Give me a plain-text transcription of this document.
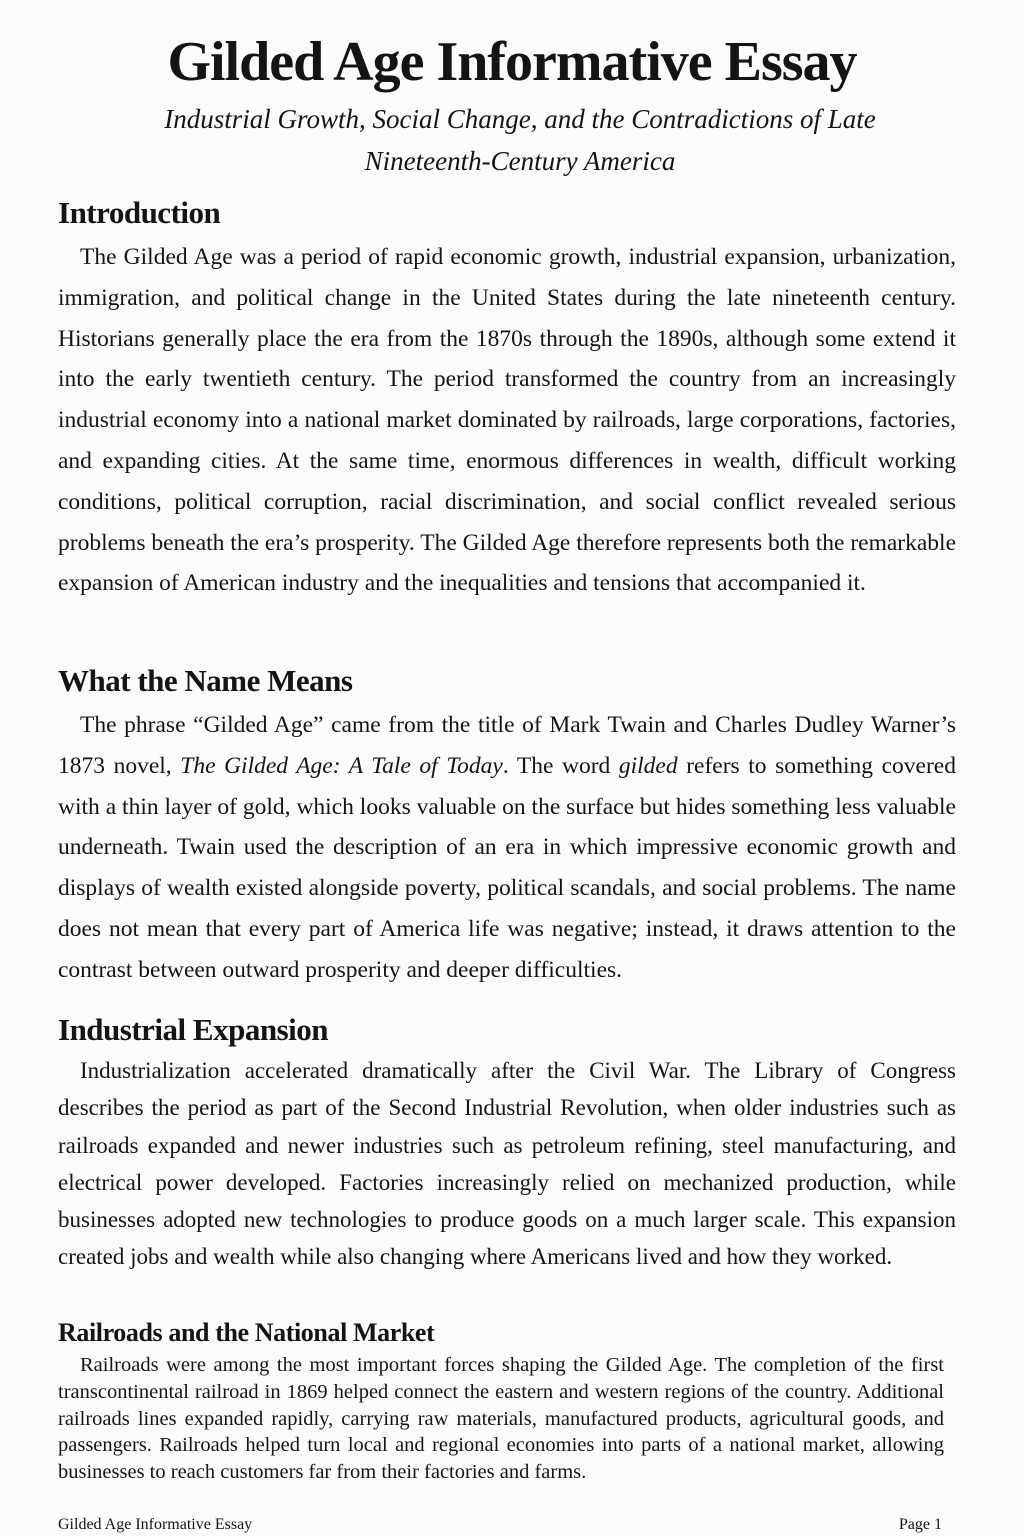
Gilded Age Informative Essay

Industrial Growth, Social Change, and the Contradictions of Late Nineteenth-Century America

Introduction

The Gilded Age was a period of rapid economic growth, industrial expansion, urbanization, immigration, and political change in the United States during the late nineteenth century. Historians generally place the era from the 1870s through the 1890s, although some extend it into the early twentieth century. The period transformed the country from an increasingly industrial economy into a national market dominated by railroads, large corporations, factories, and expanding cities. At the same time, enormous differences in wealth, difficult working conditions, political corruption, racial discrimination, and social conflict revealed serious problems beneath the era’s prosperity. The Gilded Age therefore represents both the remarkable expansion of American industry and the inequalities and tensions that accompanied it.

What the Name Means

The phrase “Gilded Age” came from the title of Mark Twain and Charles Dudley Warner’s 1873 novel, The Gilded Age: A Tale of Today. The word gilded refers to something covered with a thin layer of gold, which looks valuable on the surface but hides something less valuable underneath. Twain used the description of an era in which impressive economic growth and displays of wealth existed alongside poverty, political scandals, and social problems. The name does not mean that every part of America life was negative; instead, it draws attention to the contrast between outward prosperity and deeper difficulties.

Industrial Expansion

Industrialization accelerated dramatically after the Civil War. The Library of Congress describes the period as part of the Second Industrial Revolution, when older industries such as railroads expanded and newer industries such as petroleum refining, steel manufacturing, and electrical power developed. Factories increasingly relied on mechanized production, while businesses adopted new technologies to produce goods on a much larger scale. This expansion created jobs and wealth while also changing where Americans lived and how they worked.

Railroads and the National Market

Railroads were among the most important forces shaping the Gilded Age. The completion of the first transcontinental railroad in 1869 helped connect the eastern and western regions of the country. Additional railroads lines expanded rapidly, carrying raw materials, manufactured products, agricultural goods, and passengers. Railroads helped turn local and regional economies into parts of a national market, allowing businesses to reach customers far from their factories and farms.

Gilded Age Informative Essay	Page 1
